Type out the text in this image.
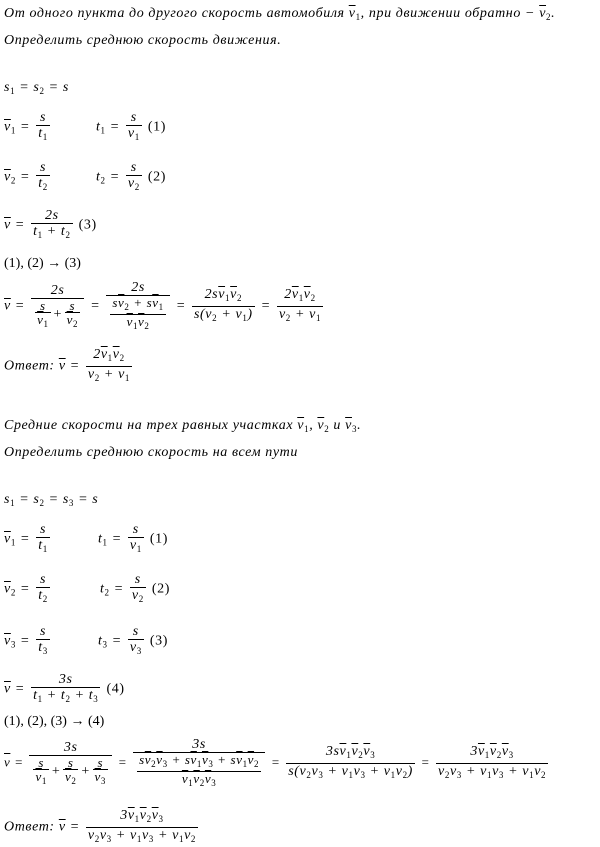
От одного пункта до другого скорость автомобиля $\overline{v}_1$, при движении обратно − $\overline{v}_2$.
Определить среднюю скорость движения.
$s_1 = s_2 = s$
$\overline{v}_1 = \frac{s}{t_1}$	$t_1 = \frac{s}{\overline{v}_1} (1)$
$\overline{v}_2 = \frac{s}{t_2}$	$t_2 = \frac{s}{\overline{v}_2} (2)$
$\overline{v} = \frac{2s}{t_1 + t_2} (3)$
(1), (2) → (3)
$\overline{v} = \frac{2s}{\frac{s}{\overline{v}_1} + \frac{s}{\overline{v}_2}} = \frac{2s}{\frac{s\overline{v}_2 + s\overline{v}_1}{\overline{v}_1\overline{v}_2}} = \frac{2s\overline{v}_1\overline{v}_2}{s(\overline{v}_2 + \overline{v}_1)} = \frac{2\overline{v}_1\overline{v}_2}{\overline{v}_2 + \overline{v}_1}$
Ответ: $\overline{v} = \frac{2\overline{v}_1\overline{v}_2}{\overline{v}_2 + \overline{v}_1}$
Средние скорости на трех равных участках $\overline{v}_1$, $\overline{v}_2$ и $\overline{v}_3$.
Определить среднюю скорость на всем пути
$s_1 = s_2 = s_3 = s$
$\overline{v}_1 = \frac{s}{t_1}$	$t_1 = \frac{s}{\overline{v}_1} (1)$
$\overline{v}_2 = \frac{s}{t_2}$	$t_2 = \frac{s}{\overline{v}_2} (2)$
$\overline{v}_3 = \frac{s}{t_3}$	$t_3 = \frac{s}{\overline{v}_3} (3)$
$\overline{v} = \frac{3s}{t_1 + t_2 + t_3} (4)$
(1), (2), (3) → (4)
$\overline{v} = \frac{3s}{\frac{s}{\overline{v}_1} + \frac{s}{\overline{v}_2} + \frac{s}{\overline{v}_3}} = \frac{3s}{\frac{s\overline{v}_2\overline{v}_3 + s\overline{v}_1\overline{v}_3 + s\overline{v}_1\overline{v}_2}{\overline{v}_1\overline{v}_2\overline{v}_3}} = \frac{3s\overline{v}_1\overline{v}_2\overline{v}_3}{s(\overline{v}_2\overline{v}_3 + \overline{v}_1\overline{v}_3 + \overline{v}_1\overline{v}_2)} = \frac{3\overline{v}_1\overline{v}_2\overline{v}_3}{\overline{v}_2\overline{v}_3 + \overline{v}_1\overline{v}_3 + \overline{v}_1\overline{v}_2}$
Ответ: $\overline{v} = \frac{3\overline{v}_1\overline{v}_2\overline{v}_3}{\overline{v}_2\overline{v}_3 + \overline{v}_1\overline{v}_3 + \overline{v}_1\overline{v}_2}$
